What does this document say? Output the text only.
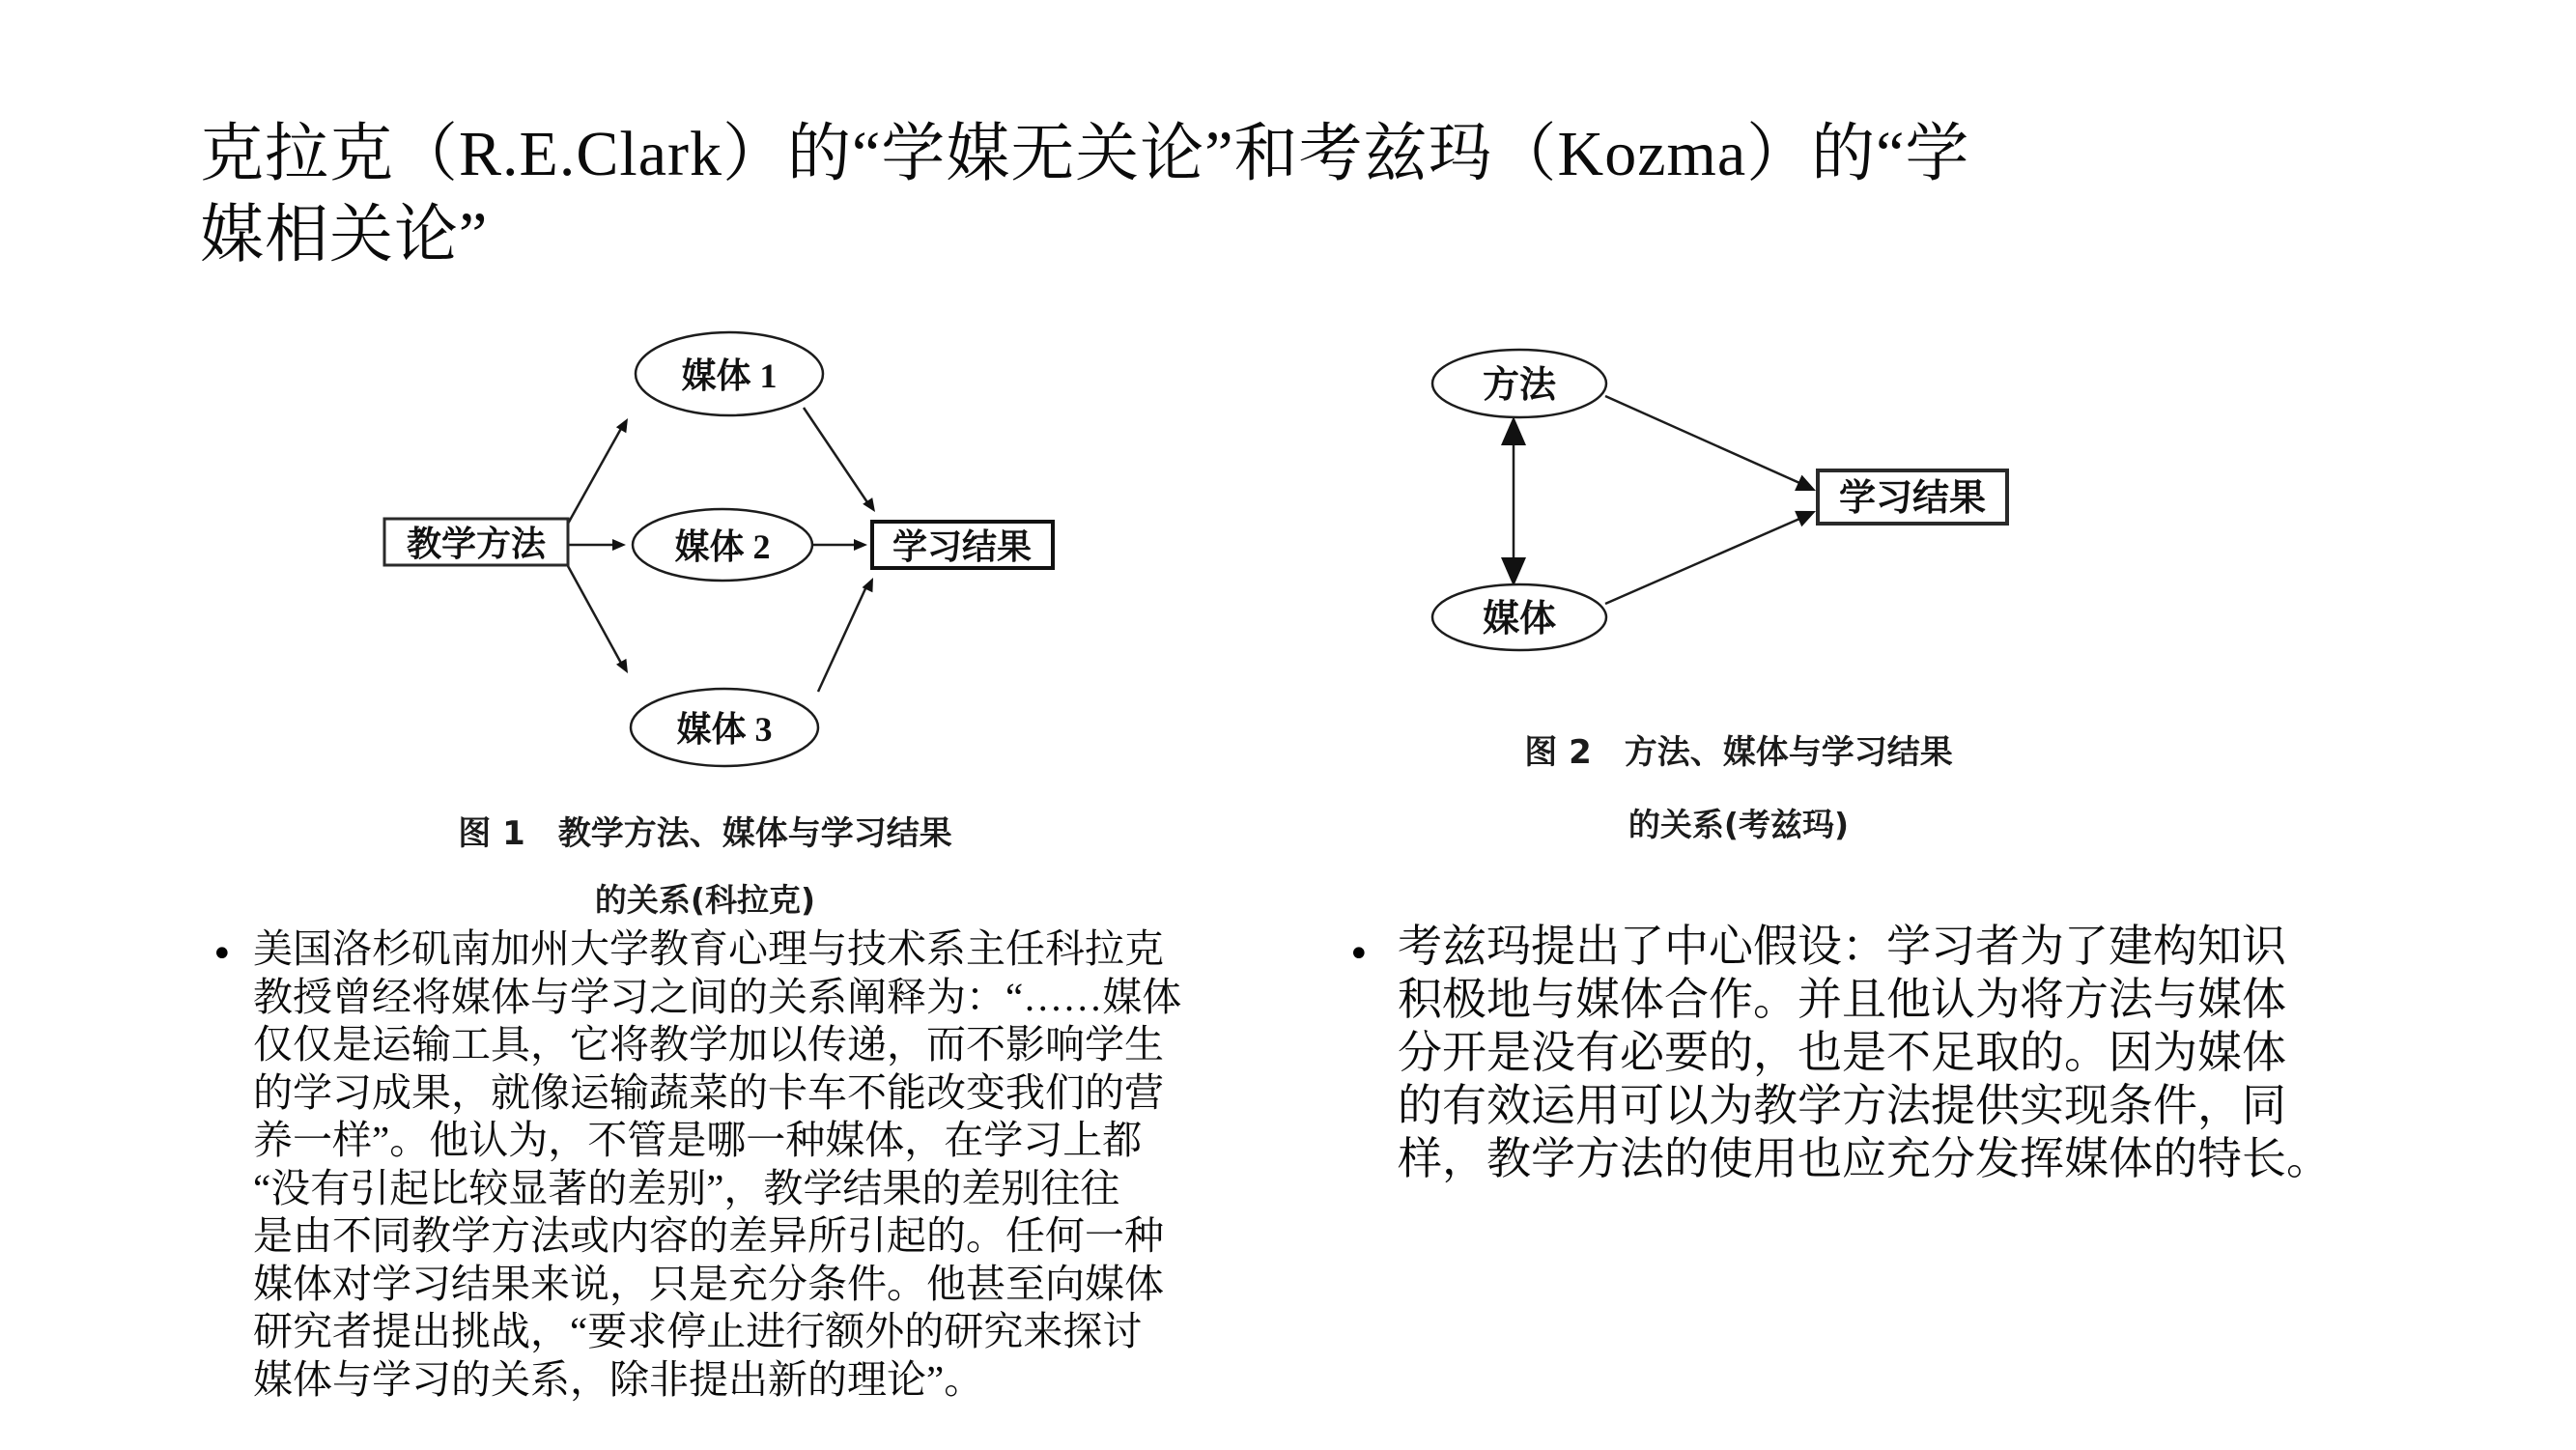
克拉克（R.E.Clark）的“学媒无关论”和考兹玛（Kozma）的“学
媒相关论”
教学方法
媒体 1
媒体 2
媒体 3
学习结果
图 1　教学方法、媒体与学习结果
的关系(科拉克)
方法
媒体
学习结果
图 2　方法、媒体与学习结果
的关系(考兹玛)
• 美国洛杉矶南加州大学教育心理与技术系主任科拉克
教授曾经将媒体与学习之间的关系阐释为：“……媒体
仅仅是运输工具，它将教学加以传递，而不影响学生
的学习成果，就像运输蔬菜的卡车不能改变我们的营
养一样”。他认为，不管是哪一种媒体，在学习上都
“没有引起比较显著的差别”，教学结果的差别往往
是由不同教学方法或内容的差异所引起的。任何一种
媒体对学习结果来说，只是充分条件。他甚至向媒体
研究者提出挑战，“要求停止进行额外的研究来探讨
媒体与学习的关系，除非提出新的理论”。
• 考兹玛提出了中心假设：学习者为了建构知识
积极地与媒体合作。并且他认为将方法与媒体
分开是没有必要的，也是不足取的。因为媒体
的有效运用可以为教学方法提供实现条件，同
样，教学方法的使用也应充分发挥媒体的特长。
